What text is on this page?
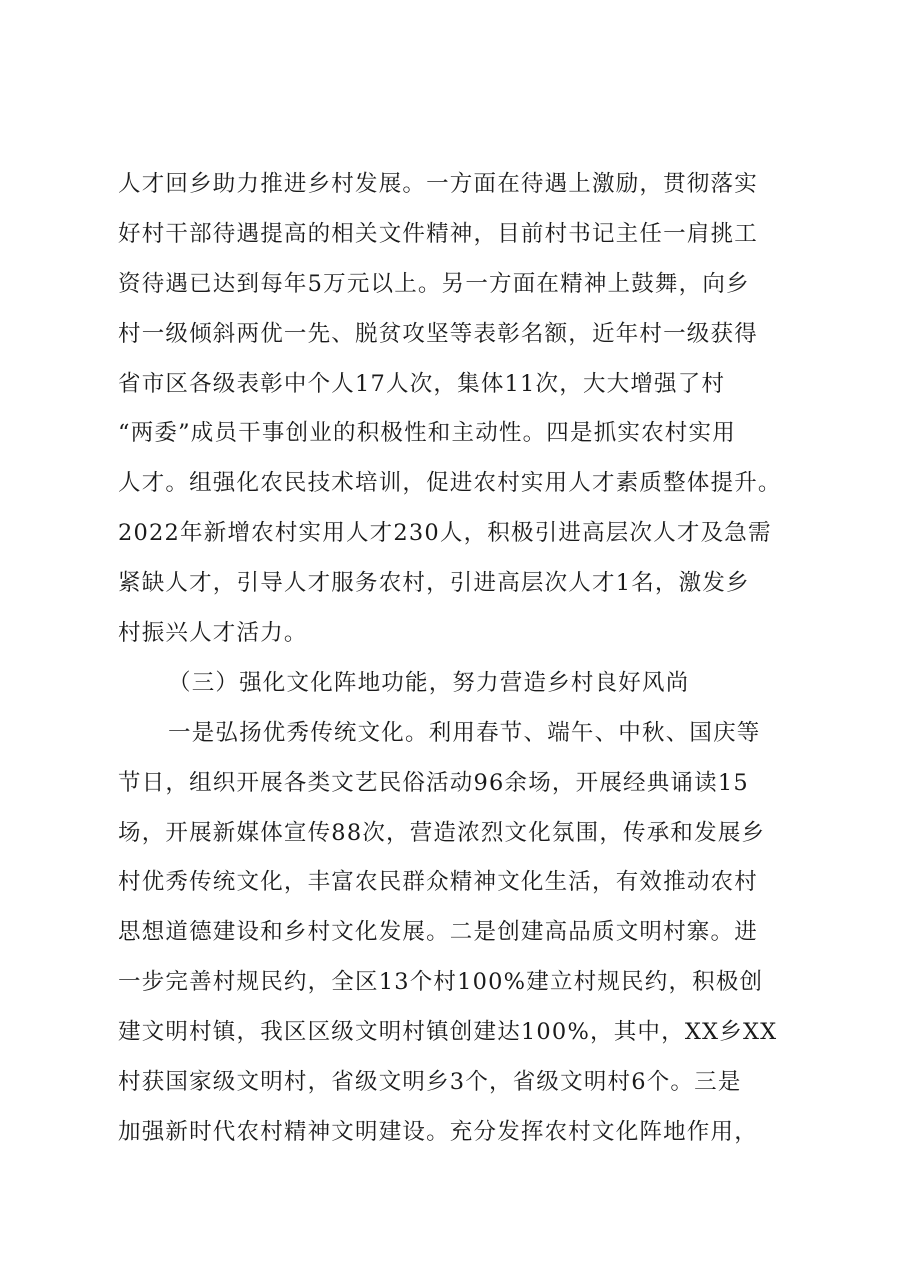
人才回乡助力推进乡村发展。一方面在待遇上激励，贯彻落实
好村干部待遇提高的相关文件精神，目前村书记主任一肩挑工
资待遇已达到每年5万元以上。另一方面在精神上鼓舞，向乡
村一级倾斜两优一先、脱贫攻坚等表彰名额，近年村一级获得
省市区各级表彰中个人17人次，集体11次，大大增强了村
“两委”成员干事创业的积极性和主动性。四是抓实农村实用
人才。组强化农民技术培训，促进农村实用人才素质整体提升。
2022年新增农村实用人才230人，积极引进高层次人才及急需
紧缺人才，引导人才服务农村，引进高层次人才1名，激发乡
村振兴人才活力。
（三）强化文化阵地功能，努力营造乡村良好风尚
一是弘扬优秀传统文化。利用春节、端午、中秋、国庆等
节日，组织开展各类文艺民俗活动96余场，开展经典诵读15
场，开展新媒体宣传88次，营造浓烈文化氛围，传承和发展乡
村优秀传统文化，丰富农民群众精神文化生活，有效推动农村
思想道德建设和乡村文化发展。二是创建高品质文明村寨。进
一步完善村规民约，全区13个村100%建立村规民约，积极创
建文明村镇，我区区级文明村镇创建达100%，其中，XX乡XX
村获国家级文明村，省级文明乡3个，省级文明村6个。三是
加强新时代农村精神文明建设。充分发挥农村文化阵地作用，
